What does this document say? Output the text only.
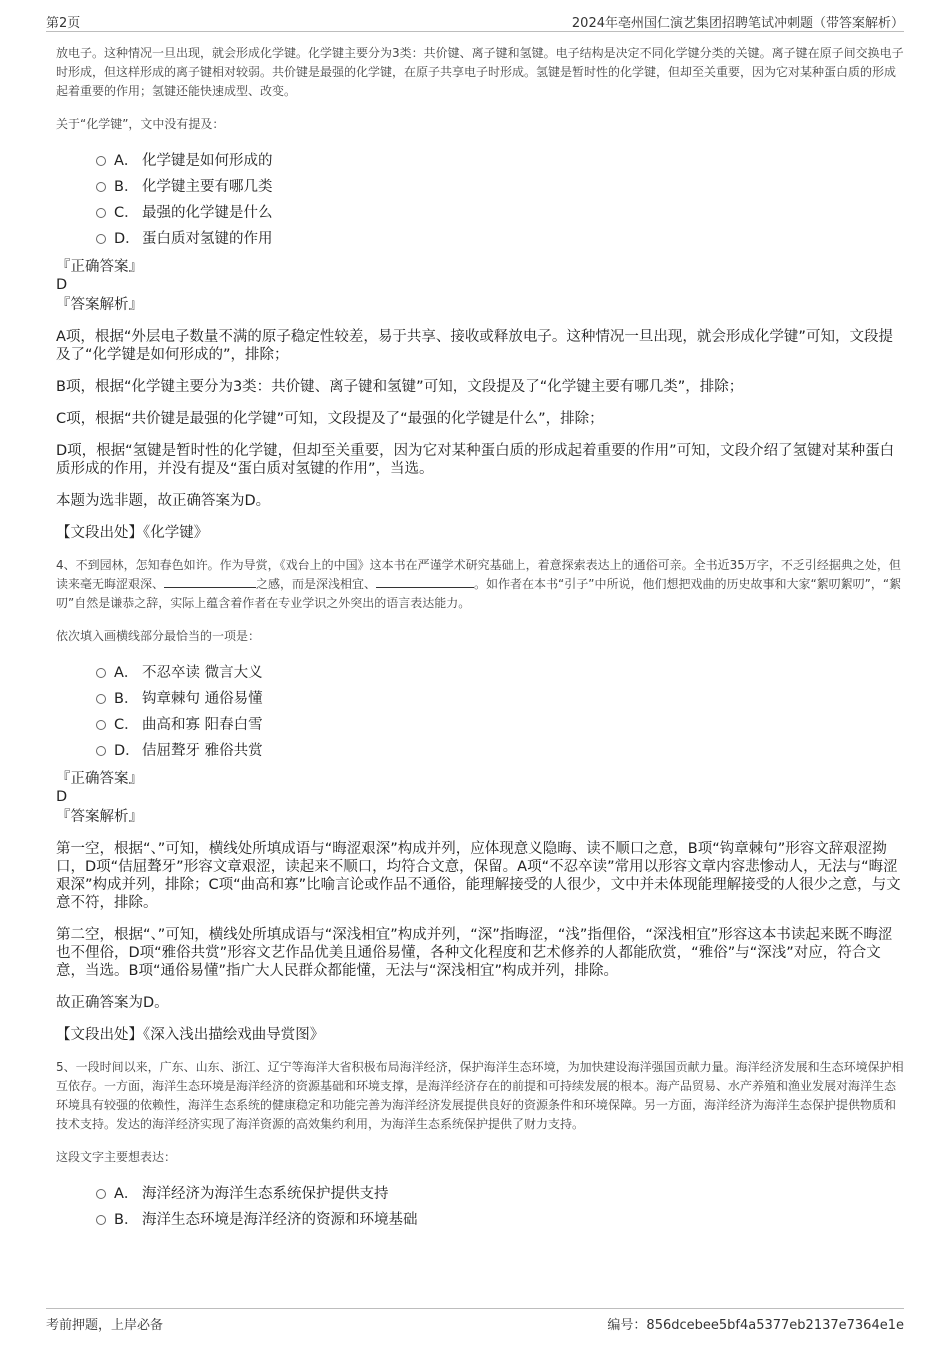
第2页	2024年亳州国仁演艺集团招聘笔试冲刺题（带答案解析）

放电子。这种情况一旦出现，就会形成化学键。化学键主要分为3类：共价键、离子键和氢键。电子结构是决定不同化学键分类的关键。离子键在原子间交换电子时形成，但这样形成的离子键相对较弱。共价键是最强的化学键，在原子共享电子时形成。氢键是暂时性的化学键，但却至关重要，因为它对某种蛋白质的形成起着重要的作用；氢键还能快速成型、改变。

关于“化学键”，文中没有提及：

A． 化学键是如何形成的
B． 化学键主要有哪几类
C． 最强的化学键是什么
D． 蛋白质对氢键的作用
『正确答案』
D
『答案解析』

A项，根据“外层电子数量不满的原子稳定性较差，易于共享、接收或释放电子。这种情况一旦出现，就会形成化学键”可知，文段提及了“化学键是如何形成的”，排除；

B项，根据“化学键主要分为3类：共价键、离子键和氢键”可知，文段提及了“化学键主要有哪几类”，排除；

C项，根据“共价键是最强的化学键”可知，文段提及了“最强的化学键是什么”，排除；

D项，根据“氢键是暂时性的化学键，但却至关重要，因为它对某种蛋白质的形成起着重要的作用”可知，文段介绍了氢键对某种蛋白质形成的作用，并没有提及“蛋白质对氢键的作用”，当选。

本题为选非题，故正确答案为D。

【文段出处】《化学键》

4、不到园林，怎知春色如许。作为导赏，《戏台上的中国》这本书在严谨学术研究基础上，着意探索表达上的通俗可亲。全书近35万字，不乏引经据典之处，但读来毫无晦涩艰深、	之感，而是深浅相宜、	。如作者在本书“引子”中所说，他们想把戏曲的历史故事和大家“絮叨絮叨”，“絮叨”自然是谦恭之辞，实际上蕴含着作者在专业学识之外突出的语言表达能力。

依次填入画横线部分最恰当的一项是：

A． 不忍卒读 微言大义
B． 钩章棘句 通俗易懂
C． 曲高和寡 阳春白雪
D． 佶屈聱牙 雅俗共赏
『正确答案』
D
『答案解析』

第一空，根据“、”可知，横线处所填成语与“晦涩艰深”构成并列，应体现意义隐晦、读不顺口之意，B项“钩章棘句”形容文辞艰涩拗口，D项“佶屈聱牙”形容文章艰涩，读起来不顺口，均符合文意，保留。A项“不忍卒读”常用以形容文章内容悲惨动人，无法与“晦涩艰深”构成并列，排除；C项“曲高和寡”比喻言论或作品不通俗，能理解接受的人很少，文中并未体现能理解接受的人很少之意，与文意不符，排除。

第二空，根据“、”可知，横线处所填成语与“深浅相宜”构成并列，“深”指晦涩，“浅”指俚俗，“深浅相宜”形容这本书读起来既不晦涩也不俚俗，D项“雅俗共赏”形容文艺作品优美且通俗易懂，各种文化程度和艺术修养的人都能欣赏，“雅俗”与“深浅”对应，符合文意，当选。B项“通俗易懂”指广大人民群众都能懂，无法与“深浅相宜”构成并列，排除。

故正确答案为D。

【文段出处】《深入浅出描绘戏曲导赏图》

5、一段时间以来，广东、山东、浙江、辽宁等海洋大省积极布局海洋经济，保护海洋生态环境，为加快建设海洋强国贡献力量。海洋经济发展和生态环境保护相互依存。一方面，海洋生态环境是海洋经济的资源基础和环境支撑，是海洋经济存在的前提和可持续发展的根本。海产品贸易、水产养殖和渔业发展对海洋生态环境具有较强的依赖性，海洋生态系统的健康稳定和功能完善为海洋经济发展提供良好的资源条件和环境保障。另一方面，海洋经济为海洋生态保护提供物质和技术支持。发达的海洋经济实现了海洋资源的高效集约利用，为海洋生态系统保护提供了财力支持。

这段文字主要想表达：

A． 海洋经济为海洋生态系统保护提供支持
B． 海洋生态环境是海洋经济的资源和环境基础
考前押题，上岸必备	编号：856dcebee5bf4a5377eb2137e7364e1e
